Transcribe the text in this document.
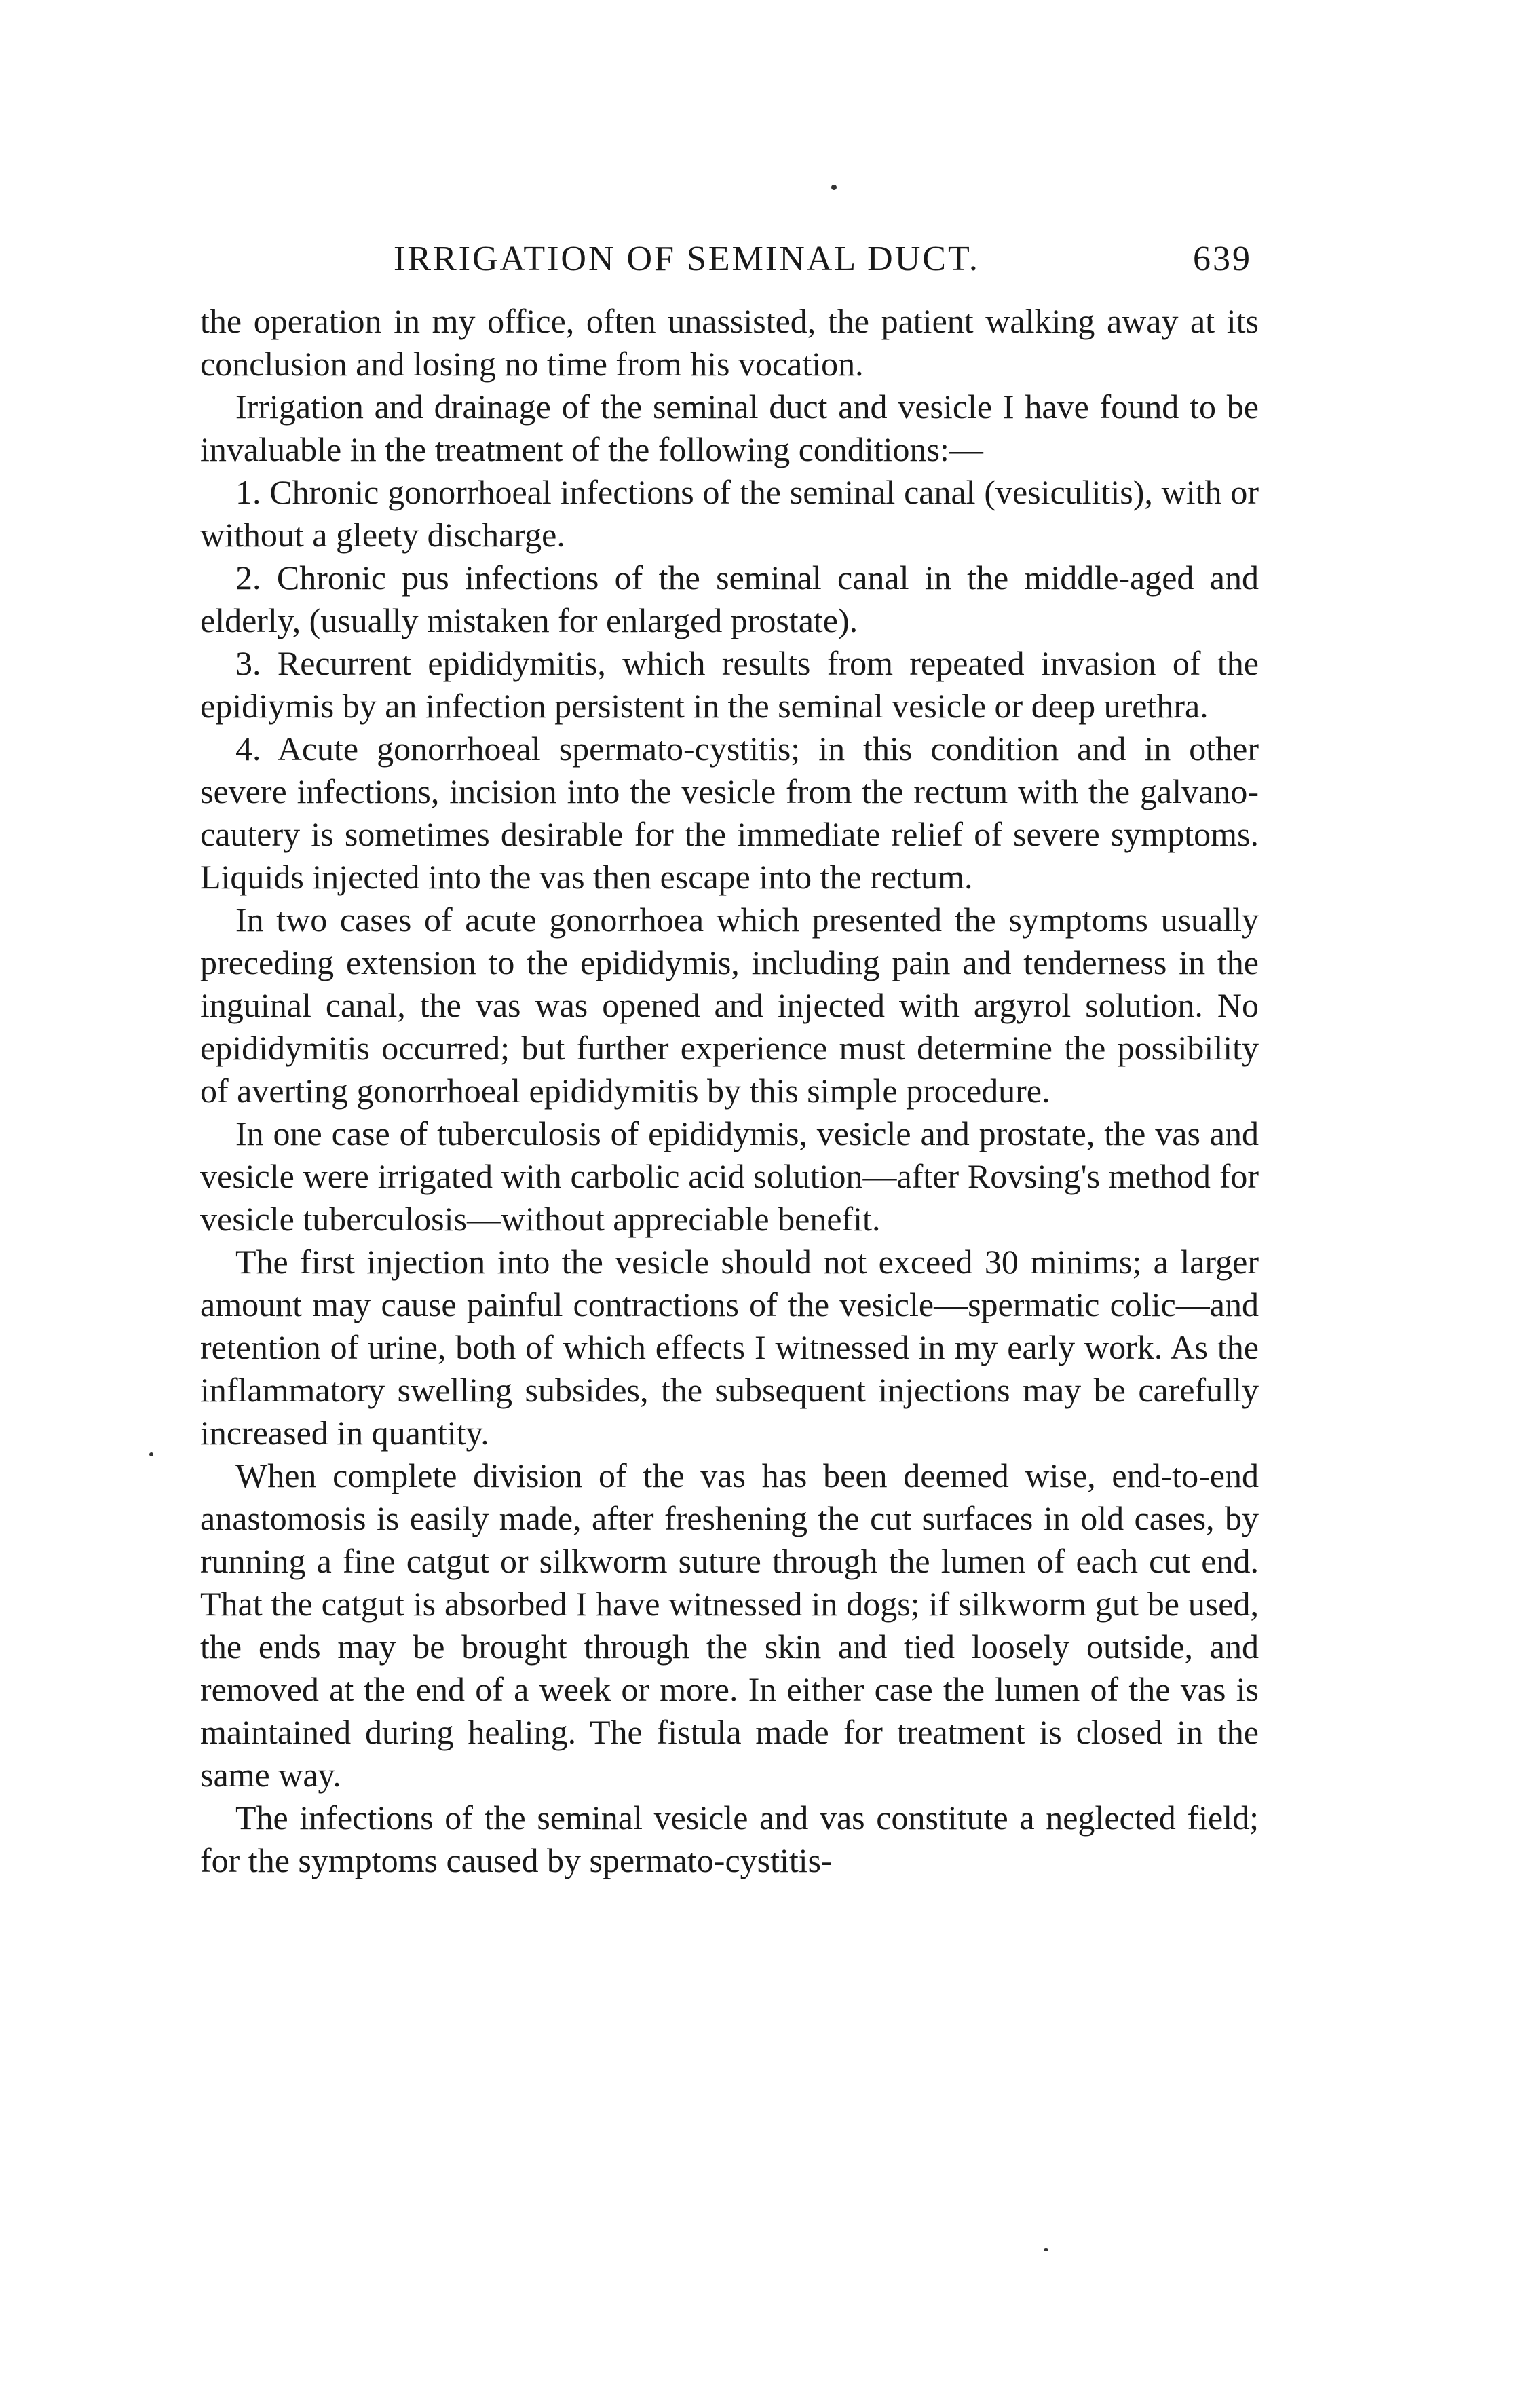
IRRIGATION OF SEMINAL DUCT.	639

the operation in my office, often unassisted, the patient walking away at its conclusion and losing no time from his vocation.

Irrigation and drainage of the seminal duct and vesicle I have found to be invaluable in the treatment of the following conditions:—

1. Chronic gonorrhoeal infections of the seminal canal (vesiculitis), with or without a gleety discharge.

2. Chronic pus infections of the seminal canal in the middle-aged and elderly, (usually mistaken for enlarged prostate).

3. Recurrent epididymitis, which results from repeated invasion of the epidiymis by an infection persistent in the seminal vesicle or deep urethra.

4. Acute gonorrhoeal spermato-cystitis; in this condition and in other severe infections, incision into the vesicle from the rectum with the galvano-cautery is sometimes desirable for the immediate relief of severe symptoms. Liquids injected into the vas then escape into the rectum.

In two cases of acute gonorrhoea which presented the symptoms usually preceding extension to the epididymis, including pain and tenderness in the inguinal canal, the vas was opened and injected with argyrol solution. No epididymitis occurred; but further experience must determine the possibility of averting gonorrhoeal epididymitis by this simple procedure.

In one case of tuberculosis of epididymis, vesicle and prostate, the vas and vesicle were irrigated with carbolic acid solution—after Rovsing's method for vesicle tuberculosis—without appreciable benefit.

The first injection into the vesicle should not exceed 30 minims; a larger amount may cause painful contractions of the vesicle—spermatic colic—and retention of urine, both of which effects I witnessed in my early work. As the inflammatory swelling subsides, the subsequent injections may be carefully increased in quantity.

When complete division of the vas has been deemed wise, end-to-end anastomosis is easily made, after freshening the cut surfaces in old cases, by running a fine catgut or silkworm suture through the lumen of each cut end. That the catgut is absorbed I have witnessed in dogs; if silkworm gut be used, the ends may be brought through the skin and tied loosely outside, and removed at the end of a week or more. In either case the lumen of the vas is maintained during healing. The fistula made for treatment is closed in the same way.

The infections of the seminal vesicle and vas constitute a neglected field; for the symptoms caused by spermato-cystitis-
